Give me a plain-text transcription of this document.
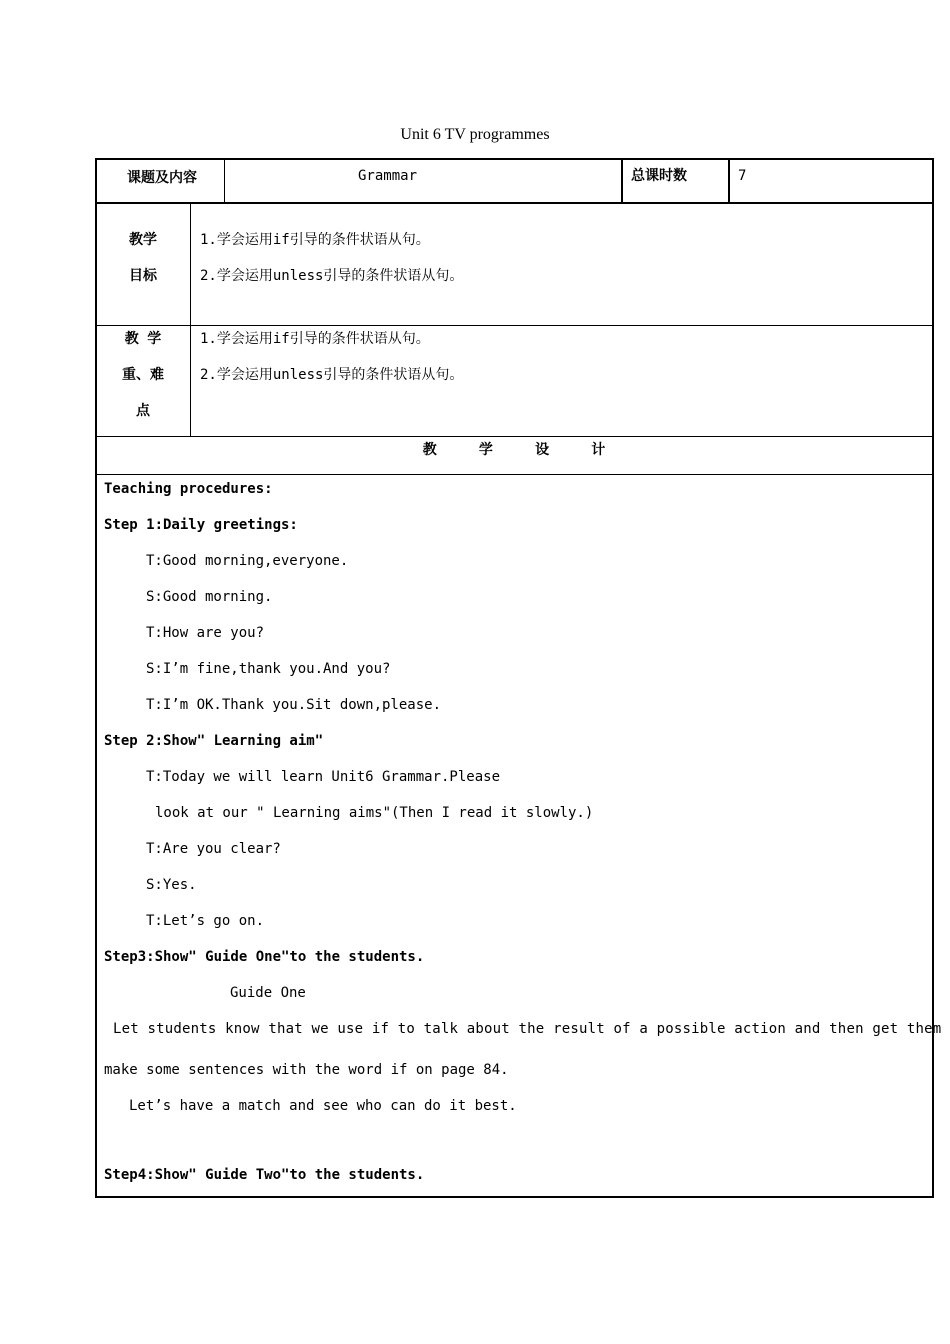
Unit 6 TV programmes
课题及内容	Grammar	总课时数	7
教学
目标
1.学会运用if引导的条件状语从句。
2.学会运用unless引导的条件状语从句。
教 学
重、难
点
1.学会运用if引导的条件状语从句。
2.学会运用unless引导的条件状语从句。
教     学     设     计
Teaching procedures:
Step 1:Daily greetings:
T:Good morning,everyone.
S:Good morning.
T:How are you?
S:I’m fine,thank you.And you?
T:I’m OK.Thank you.Sit down,please.
Step 2:Show" Learning aim"
T:Today we will learn Unit6 Grammar.Please
look at our " Learning aims"(Then I read it slowly.)
T:Are you clear?
S:Yes.
T:Let’s go on.
Step3:Show" Guide One"to the students.
Guide One
Let students know that we use if to talk about the result of a possible action and then get them
make some sentences with the word if on page 84.
Let’s have a match and see who can do it best.
Step4:Show" Guide Two"to the students.
